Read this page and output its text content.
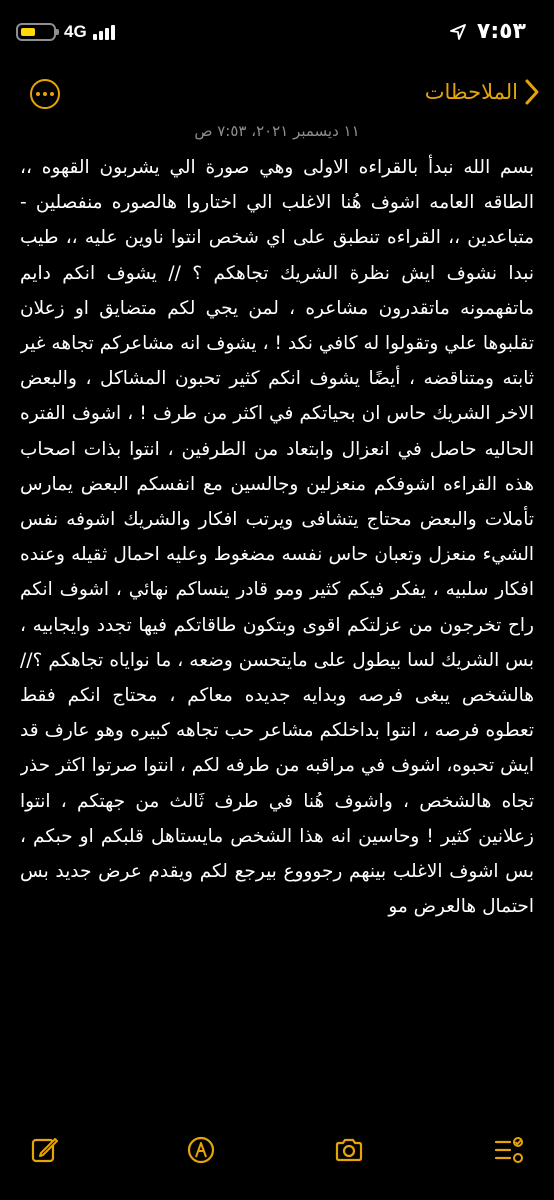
4G	٧:٥٣
الملاحظات
١١ ديسمبر ٢٠٢١، ٧:٥٣ ص
بسم الله نبدأ بالقراءه الاولى وهي صورة الي يشربون القهوه ،، الطاقه العامه اشوف هُنا الاغلب الي اختاروا هالصوره منفصلين - متباعدين ،، القراءه تنطبق على اي شخص انتوا ناوين عليه ،، طيب نبدا نشوف ايش نظرة الشريك تجاهكم ؟ // يشوف انكم دايم ماتفهمونه ماتقدرون مشاعره ، لمن يجي لكم متضايق او زعلان تقلبوها علي وتقولوا له كافي نكد ! ، يشوف انه مشاعركم تجاهه غير ثابته ومتناقضه ، أيضًا يشوف انكم كثير تحبون المشاكل ، والبعض الاخر الشريك حاس ان بحياتكم في اكثر من طرف ! ، اشوف الفتره الحاليه حاصل في انعزال وابتعاد من الطرفين ، انتوا بذات اصحاب هذه القراءه اشوفكم منعزلين وجالسين مع انفسكم البعض يمارس تأملات والبعض محتاج يتشافى ويرتب افكار والشريك اشوفه نفس الشيء منعزل وتعبان حاس نفسه مضغوط وعليه احمال ثقيله وعنده افكار سلبيه ، يفكر فيكم كثير ومو قادر ينساكم نهائي ، اشوف انكم راح تخرجون من عزلتكم اقوى وبتكون طاقاتكم فيها تجدد وايجابيه ، بس الشريك لسا بيطول على مايتحسن وضعه ، ما نواياه تجاهكم ؟// هالشخص يبغى فرصه وبدايه جديده معاكم ، محتاج انكم فقط تعطوه فرصه ، انتوا بداخلكم مشاعر حب تجاهه كبيره وهو عارف قد ايش تحبوه، اشوف في مراقبه من طرفه لكم ، انتوا صرتوا اكثر حذر تجاه هالشخص ، واشوف هُنا في طرف ثَالث من جهتكم ، انتوا زعلانين كثير ! وحاسين انه هذا الشخص مايستاهل قلبكم او حبكم ، بس اشوف الاغلب بينهم رجوووع بيرجع لكم ويقدم عرض جديد بس احتمال هالعرض مو
